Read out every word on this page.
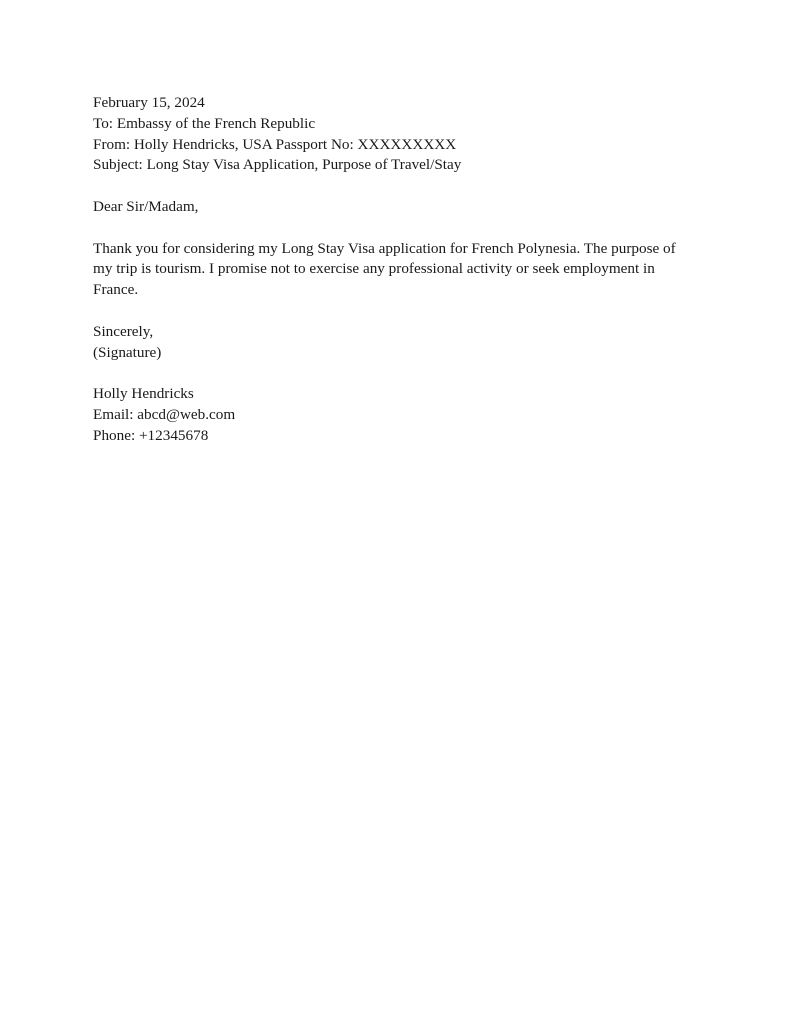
February 15, 2024
To: Embassy of the French Republic
From: Holly Hendricks, USA Passport No: XXXXXXXXX
Subject: Long Stay Visa Application, Purpose of Travel/Stay
Dear Sir/Madam,
Thank you for considering my Long Stay Visa application for French Polynesia. The purpose of
my trip is tourism. I promise not to exercise any professional activity or seek employment in
France.
Sincerely,
(Signature)
Holly Hendricks
Email: abcd@web.com
Phone: +12345678
